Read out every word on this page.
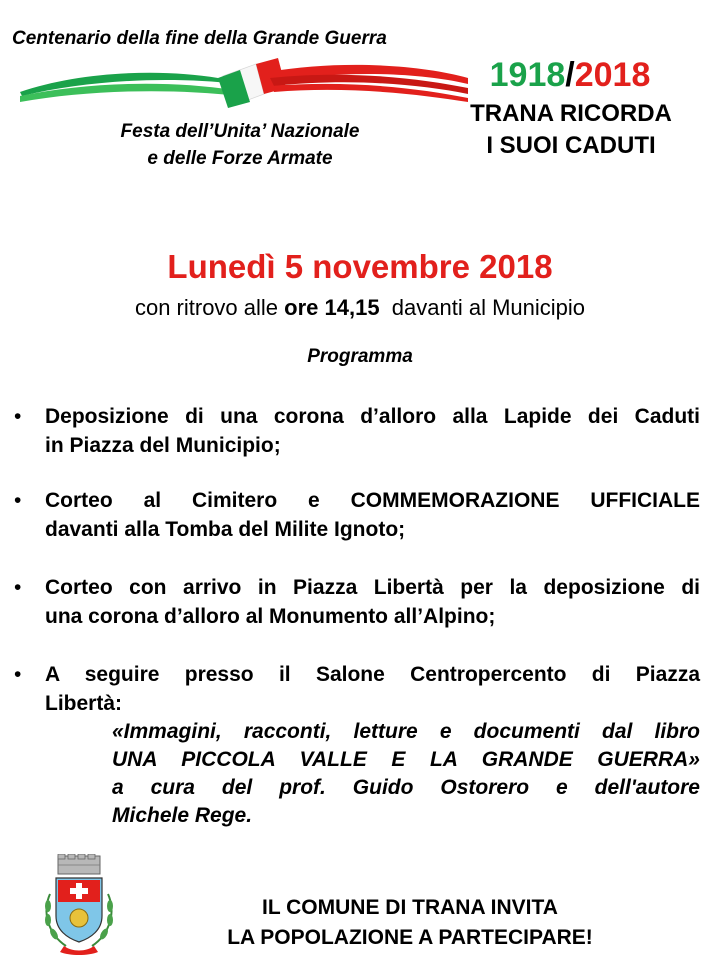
Centenario della fine della Grande Guerra
Festa dell’Unita’ Nazionale
e delle Forze Armate
1918/2018
TRANA RICORDA
I SUOI CADUTI
Lunedì 5 novembre 2018
con ritrovo alle ore 14,15 davanti al Municipio
Programma
• Deposizione di una corona d’alloro alla Lapide dei Caduti
in Piazza del Municipio;
• Corteo al Cimitero e COMMEMORAZIONE UFFICIALE
davanti alla Tomba del Milite Ignoto;
• Corteo con arrivo in Piazza Libertà per la deposizione di
una corona d’alloro al Monumento all’Alpino;
• A seguire presso il Salone Centropercento di Piazza
Libertà:
«Immagini, racconti, letture e documenti dal libro
UNA PICCOLA VALLE E LA GRANDE GUERRA»
a cura del prof. Guido Ostorero e dell'autore
Michele Rege.
IL COMUNE DI TRANA INVITA
LA POPOLAZIONE A PARTECIPARE!
